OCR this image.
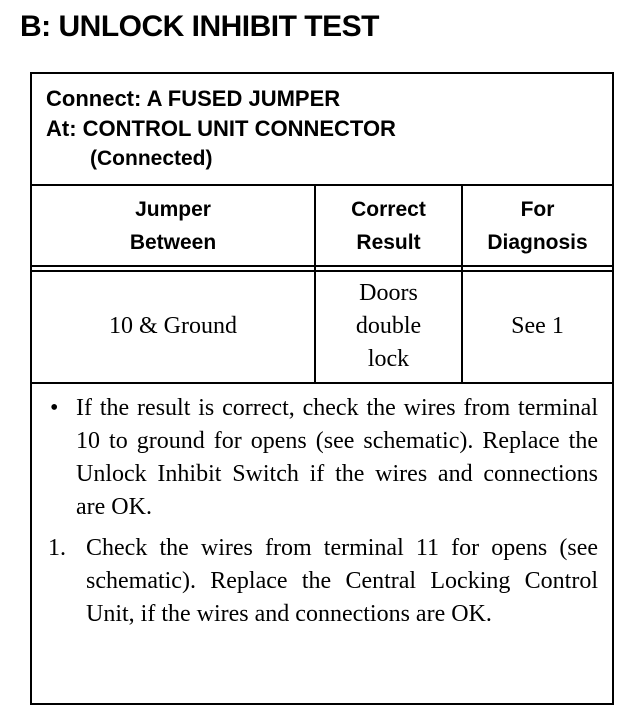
B: UNLOCK INHIBIT TEST
Connect: A FUSED JUMPER
At: CONTROL UNIT CONNECTOR
(Connected)
Jumper
Between
Correct
Result
For
Diagnosis
10 & Ground
Doors
double
lock
See 1
• If the result is correct, check the wires from terminal 10 to ground for opens (see schematic). Replace the Unlock Inhibit Switch if the wires and connections are OK.
1. Check the wires from terminal 11 for opens (see schematic). Replace the Central Locking Control Unit, if the wires and connections are OK.
